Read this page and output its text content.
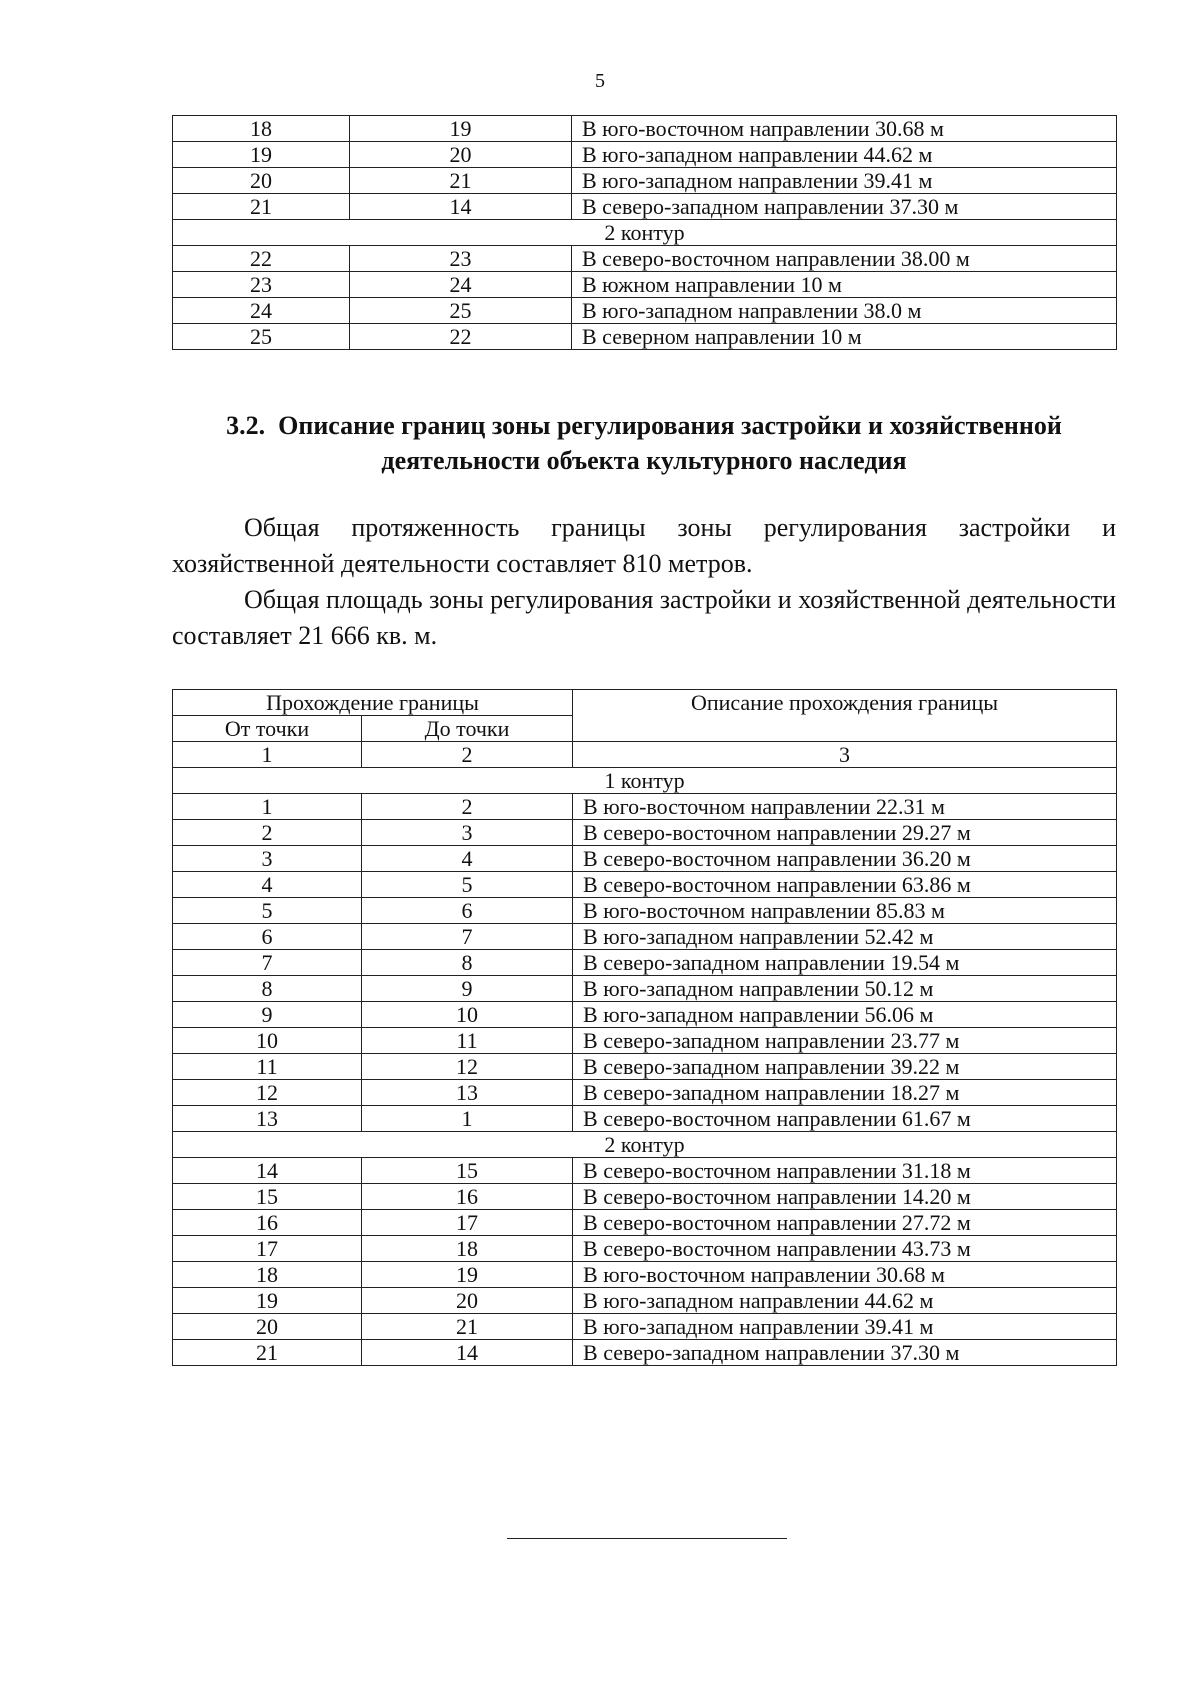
5
18	19	В юго-восточном направлении 30.68 м
19	20	В юго-западном направлении 44.62 м
20	21	В юго-западном направлении 39.41 м
21	14	В северо-западном направлении 37.30 м
2 контур		
22	23	В северо-восточном направлении 38.00 м
23	24	В южном направлении 10 м
24	25	В юго-западном направлении 38.0 м
25	22	В северном направлении 10 м
3.2. Описание границ зоны регулирования застройки и хозяйственной
деятельности объекта культурного наследия

Общая протяженность границы зоны регулирования застройки и хозяйственной деятельности составляет 810 метров.

Общая площадь зоны регулирования застройки и хозяйственной деятельности составляет 21 666 кв. м.

Прохождение границы		Описание прохождения границы
От точки	До точки	
1	2	3
1 контур		
1	2	В юго-восточном направлении 22.31 м
2	3	В северо-восточном направлении 29.27 м
3	4	В северо-восточном направлении 36.20 м
4	5	В северо-восточном направлении 63.86 м
5	6	В юго-восточном направлении 85.83 м
6	7	В юго-западном направлении 52.42 м
7	8	В северо-западном направлении 19.54 м
8	9	В юго-западном направлении 50.12 м
9	10	В юго-западном направлении 56.06 м
10	11	В северо-западном направлении 23.77 м
11	12	В северо-западном направлении 39.22 м
12	13	В северо-западном направлении 18.27 м
13	1	В северо-восточном направлении 61.67 м
2 контур		
14	15	В северо-восточном направлении 31.18 м
15	16	В северо-восточном направлении 14.20 м
16	17	В северо-восточном направлении 27.72 м
17	18	В северо-восточном направлении 43.73 м
18	19	В юго-восточном направлении 30.68 м
19	20	В юго-западном направлении 44.62 м
20	21	В юго-западном направлении 39.41 м
21	14	В северо-западном направлении 37.30 м
